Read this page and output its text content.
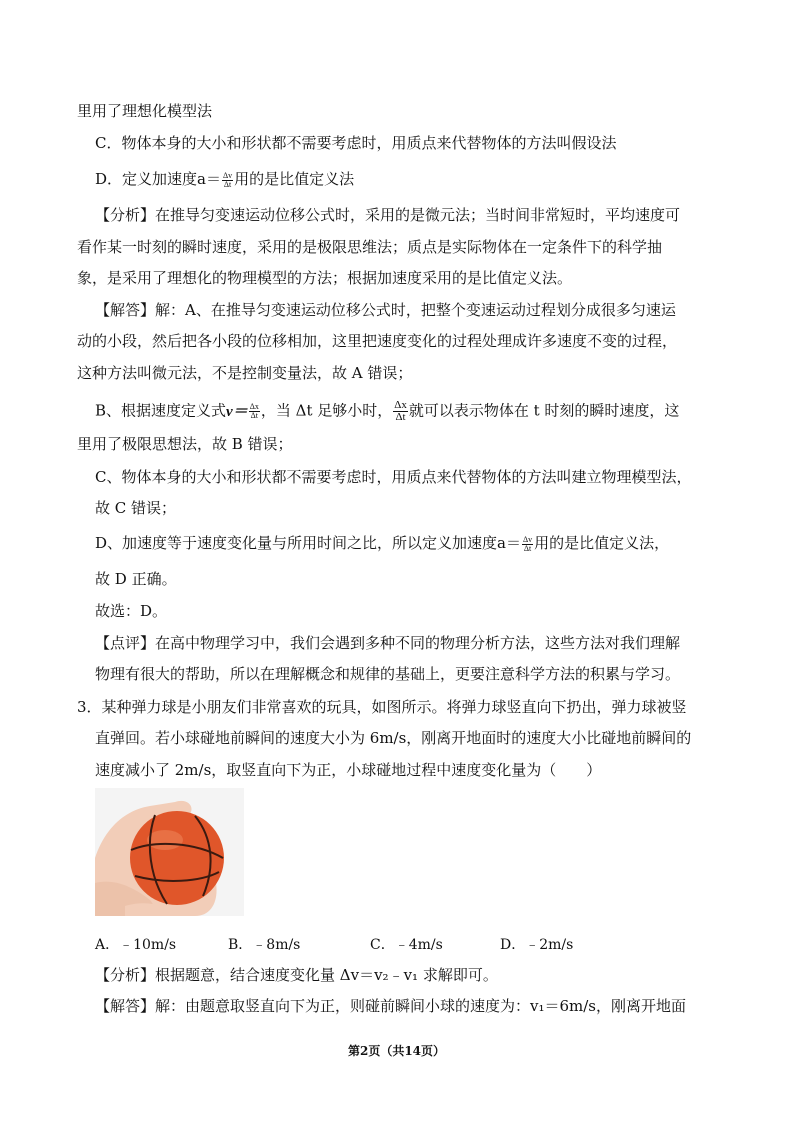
里用了理想化模型法
C．物体本身的大小和形状都不需要考虑时，用质点来代替物体的方法叫假设法
D．定义加速度$a= \frac{\Delta v}{\Delta t}$ 用的是比值定义法
【分析】在推导匀变速运动位移公式时，采用的是微元法；当时间非常短时，平均速度可
看作某一时刻的瞬时速度，采用的是极限思维法；质点是实际物体在一定条件下的科学抽
象，是采用了理想化的物理模型的方法；根据加速度采用的是比值定义法。
【解答】解：A、在推导匀变速运动位移公式时，把整个变速运动过程划分成很多匀速运
动的小段，然后把各小段的位移相加，这里把速度变化的过程处理成许多速度不变的过程，
这种方法叫微元法，不是控制变量法，故 A 错误；
B、根据速度定义式$v= \frac{\Delta x}{\Delta t}$ ，当 Δt 足够小时， $\frac{\Delta x}{\Delta t}$ 就可以表示物体在 t 时刻的瞬时速度，这
里用了极限思想法，故 B 错误；
C、物体本身的大小和形状都不需要考虑时，用质点来代替物体的方法叫建立物理模型法，
故 C 错误；
D、加速度等于速度变化量与所用时间之比，所以定义加速度$a= \frac{\Delta v}{\Delta t}$ 用的是比值定义法，
故 D 正确。
故选：D。
【点评】在高中物理学习中，我们会遇到多种不同的物理分析方法，这些方法对我们理解
物理有很大的帮助，所以在理解概念和规律的基础上，更要注意科学方法的积累与学习。
3．某种弹力球是小朋友们非常喜欢的玩具，如图所示。将弹力球竖直向下扔出，弹力球被竖
直弹回。若小球碰地前瞬间的速度大小为 6m/s，刚离开地面时的速度大小比碰地前瞬间的
速度减小了 2m/s，取竖直向下为正，小球碰地过程中速度变化量为（　　）
A．﹣10m/s	B．﹣8m/s	C．﹣4m/s	D．﹣2m/s
【分析】根据题意，结合速度变化量 Δv＝v₂﹣v₁ 求解即可。
【解答】解：由题意取竖直向下为正，则碰前瞬间小球的速度为：v₁＝6m/s，刚离开地面
第2页（共14页）
